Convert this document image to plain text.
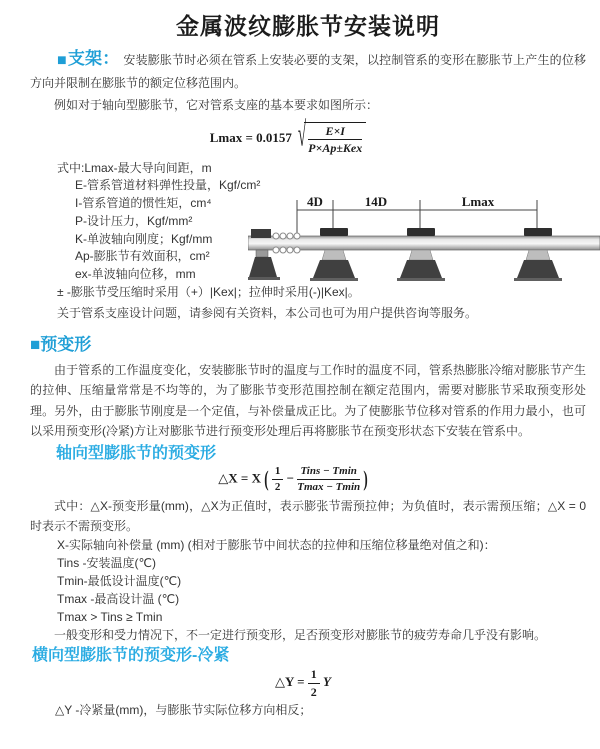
金属波纹膨胀节安装说明

■支架： 安装膨胀节时必须在管系上安装必要的支架，以控制管系的变形在膨胀节上产生的位移方向并限制在膨胀节的额定位移范围内。

例如对于轴向型膨胀节，它对管系支座的基本要求如图所示：

Lmax = 0.0157 √ $\frac{E\times I}{\text{P×Ap±Kex}}$
式中:Lmax-最大导向间距，m
E-管系管道材料弹性投量，Kgf/cm²
I-管系管道的惯性矩，cm⁴
P-设计压力，Kgf/mm²
K-单波轴向刚度；Kgf/mm
Ap-膨胀节有效面积，cm²
ex-单波轴向位移，mm
± -膨胀节受压缩时采用（+）|Kex|；拉伸时采用(-)|Kex|。
4D	14D	Lmax

关于管系支座设计问题，请参阅有关资料，本公司也可为用户提供咨询等服务。

■预变形

由于管系的工作温度变化，安装膨胀节时的温度与工作时的温度不同，管系热膨胀冷缩对膨胀节产生的拉伸、压缩量常常是不均等的，为了膨胀节变形范围控制在额定范围内，需要对膨胀节采取预变形处理。另外，由于膨胀节刚度是一个定值，与补偿量成正比。为了使膨胀节位移对管系的作用力最小，也可以采用预变形(冷紧)方让对膨胀节进行预变形处理后再将膨胀节在预变形状态下安装在管系中。

轴向型膨胀节的预变形
△X = X ( $\frac{1}{2} - \frac{\text{Tins − Tmin}}{Tmax - Tmin}$ )

式中：△X-预变形量(mm)，△X为正值时，表示膨张节需预拉伸；为负值时，表示需预压缩；△X = 0时表示不需预变形。

X-实际轴向补偿量 (mm) (相对于膨胀节中间状态的拉伸和压缩位移量绝对值之和)：

Tins -安装温度(℃)
Tmin-最低设计温度(℃)
Tmax -最高设计温 (℃)
Tmax > Tins ≥ Tmin

一般变形和受力情况下，不一定进行预变形，足否预变形对膨胀节的疲劳寿命几乎没有影响。

横向型膨胀节的预变形-冷紧
△Y = $\frac{1}{2}$ Y

△Y -冷紧量(mm)，与膨胀节实际位移方向相反；
